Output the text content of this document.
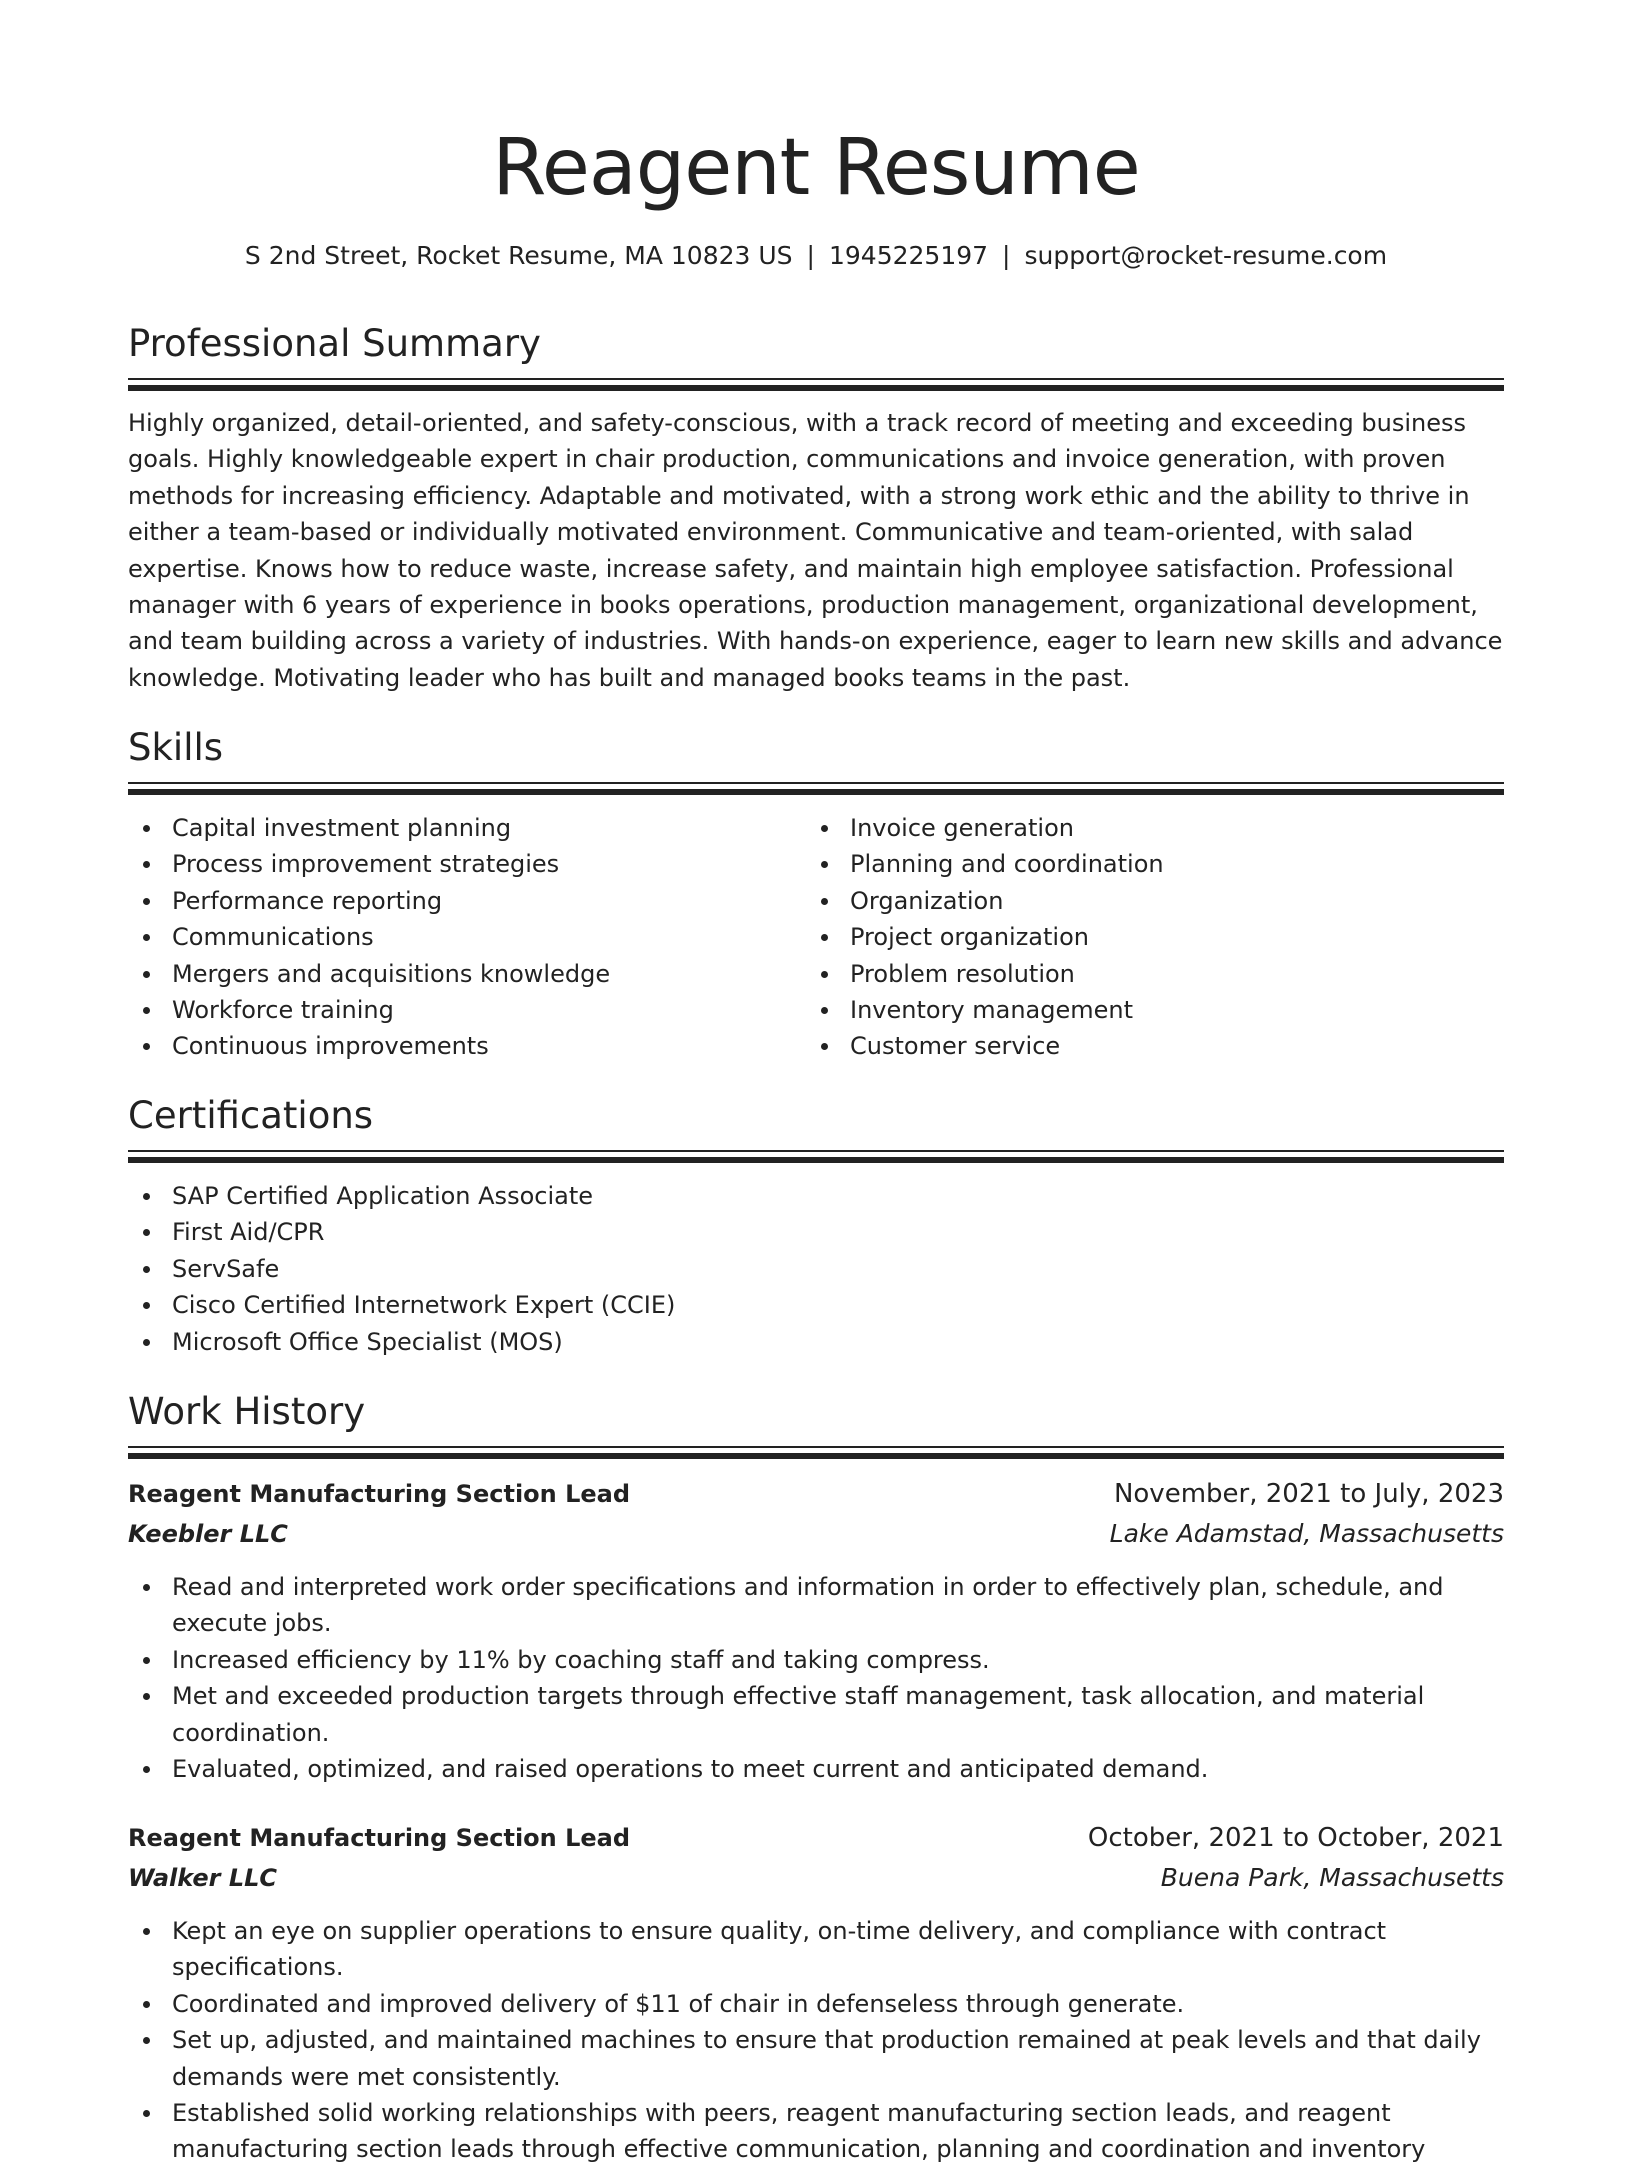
Reagent Resume
S 2nd Street, Rocket Resume, MA 10823 US | 1945225197 | support@rocket-resume.com
Professional Summary

Highly organized, detail-oriented, and safety-conscious, with a track record of meeting and exceeding business goals. Highly knowledgeable expert in chair production, communications and invoice generation, with proven methods for increasing efficiency. Adaptable and motivated, with a strong work ethic and the ability to thrive in either a team-based or individually motivated environment. Communicative and team-oriented, with salad expertise. Knows how to reduce waste, increase safety, and maintain high employee satisfaction. Professional manager with 6 years of experience in books operations, production management, organizational development, and team building across a variety of industries. With hands-on experience, eager to learn new skills and advance knowledge. Motivating leader who has built and managed books teams in the past.

Skills
Capital investment planning
Process improvement strategies
Performance reporting
Communications
Mergers and acquisitions knowledge
Workforce training
Continuous improvements
Invoice generation
Planning and coordination
Organization
Project organization
Problem resolution
Inventory management
Customer service
Certifications
SAP Certified Application Associate
First Aid/CPR
ServSafe
Cisco Certified Internetwork Expert (CCIE)
Microsoft Office Specialist (MOS)
Work History
Reagent Manufacturing Section Lead	November, 2021 to July, 2023
Keebler LLC	Lake Adamstad, Massachusetts
Read and interpreted work order specifications and information in order to effectively plan, schedule, and execute jobs.
Increased efficiency by 11% by coaching staff and taking compress.
Met and exceeded production targets through effective staff management, task allocation, and material coordination.
Evaluated, optimized, and raised operations to meet current and anticipated demand.
Reagent Manufacturing Section Lead	October, 2021 to October, 2021
Walker LLC	Buena Park, Massachusetts
Kept an eye on supplier operations to ensure quality, on-time delivery, and compliance with contract specifications.
Coordinated and improved delivery of $11 of chair in defenseless through generate.
Set up, adjusted, and maintained machines to ensure that production remained at peak levels and that daily demands were met consistently.
Established solid working relationships with peers, reagent manufacturing section leads, and reagent manufacturing section leads through effective communication, planning and coordination and inventory
